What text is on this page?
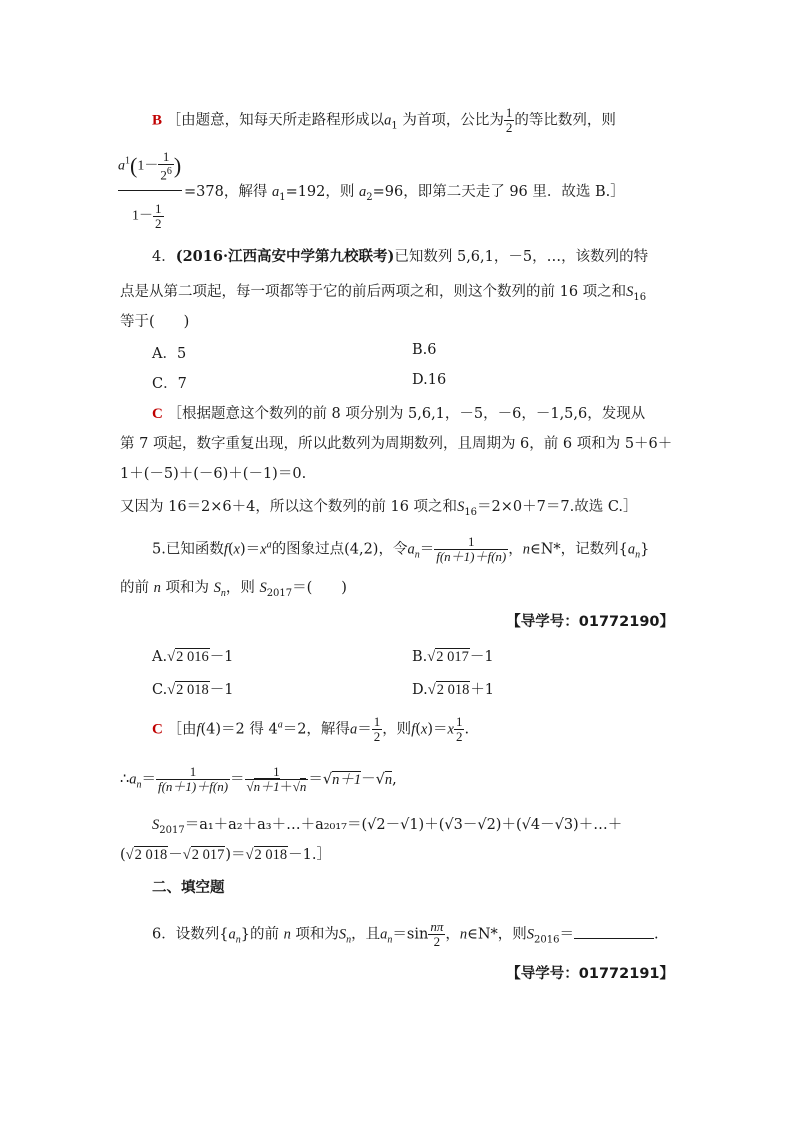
B ［由题意，知每天所走路程形成以$a_1$ 为首项，公比为 $\frac{1}{2}$ 的等比数列，则
$a^1(1- \frac{1}{2^6}$ )
$1- \frac{1}{2}$
=378，解得 $a_1=192$，则 $a_2=96$，即第二天走了 96 里．故选 B.］
4．(2016·江西高安中学第九校联考)已知数列 5,6,1，－5，…，该数列的特
点是从第二项起，每一项都等于它的前后两项之和，则这个数列的前 16 项之和$S_{16}$
等于(　　)
A．5	B.6
C．7	D.16
C ［根据题意这个数列的前 8 项分别为 5,6,1，－5，－6，－1,5,6，发现从
第 7 项起，数字重复出现，所以此数列为周期数列，且周期为 6，前 6 项和为 5＋6＋
1＋(－5)＋(－6)＋(－1)＝0.
又因为 16＝2×6＋4，所以这个数列的前 16 项之和$S_{16}=2\times 0+7=7$.故选 C.］
5.已知函数$f(x)=x^a$的图象过点(4,2)，令$a_n= \frac{1}{f(n+1)+f(n)}$ ，n∈N*，记数列$\{a_n\}$
的前 n 项和为 $S_n$，则 $S_{2017}=$(　　)
【导学号：01772190】
A.√2 016－1	B.√2 017－1
C.√2 018－1	D.√2 018＋1
C ［由f(4)＝2 得 $4^a=2$，解得$a= \frac{1}{2}$ ，则$f(x)=x \frac{1}{2}$ .
$\therefore a_n= \frac{1}{f(n+1)+f(n)} = \frac{1}{√n+1+√n} =√n+1-√n$,
$S_{2017}=a_1+a_2+a_3+\dots+a_{2017}=(√2-√1)+(√3-√2)+(√4-√3)+\dots+$
(√2 018－√2 017)＝√2 018－1.］
二、填空题
6．设数列$\{a_n\}$的前 n 项和为$S_n$，且$a_n=\sin \frac{n\pi}{2}$ ，n∈N*，则$S_{2016}=$	.
【导学号：01772191】
